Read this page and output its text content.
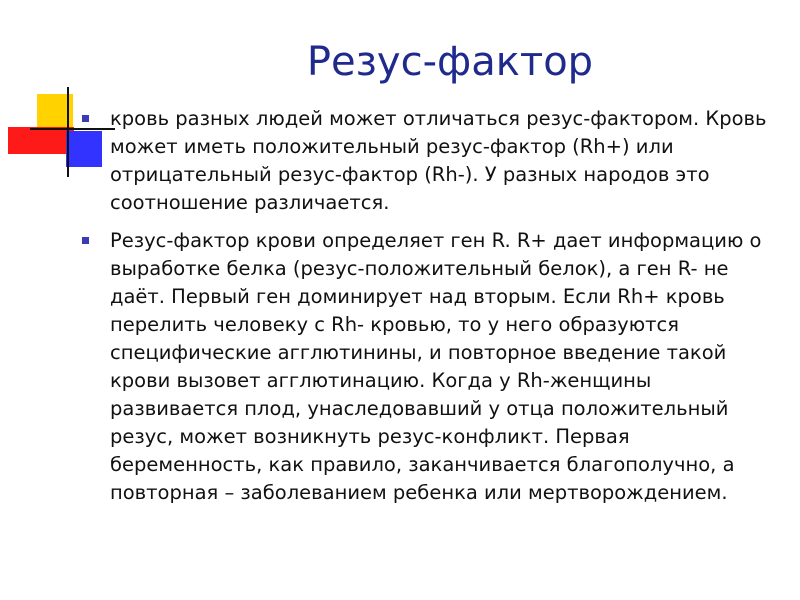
Резус-фактор
кровь разных людей может отличаться резус-фактором. Кровь может иметь положительный резус-фактор (Rh+) или отрицательный резус-фактор (Rh-). У разных народов это соотношение различается.
Резус-фактор крови определяет ген R. R+ дает информацию о выработке белка (резус-положительный белок), а ген R- не даёт. Первый ген доминирует над вторым. Если Rh+ кровь перелить человеку с Rh- кровью, то у него образуются специфические агглютинины, и повторное введение такой крови вызовет агглютинацию. Когда у Rh-женщины развивается плод, унаследовавший у отца положительный резус, может возникнуть резус-конфликт. Первая беременность, как правило, заканчивается благополучно, а повторная – заболеванием ребенка или мертворождением.
